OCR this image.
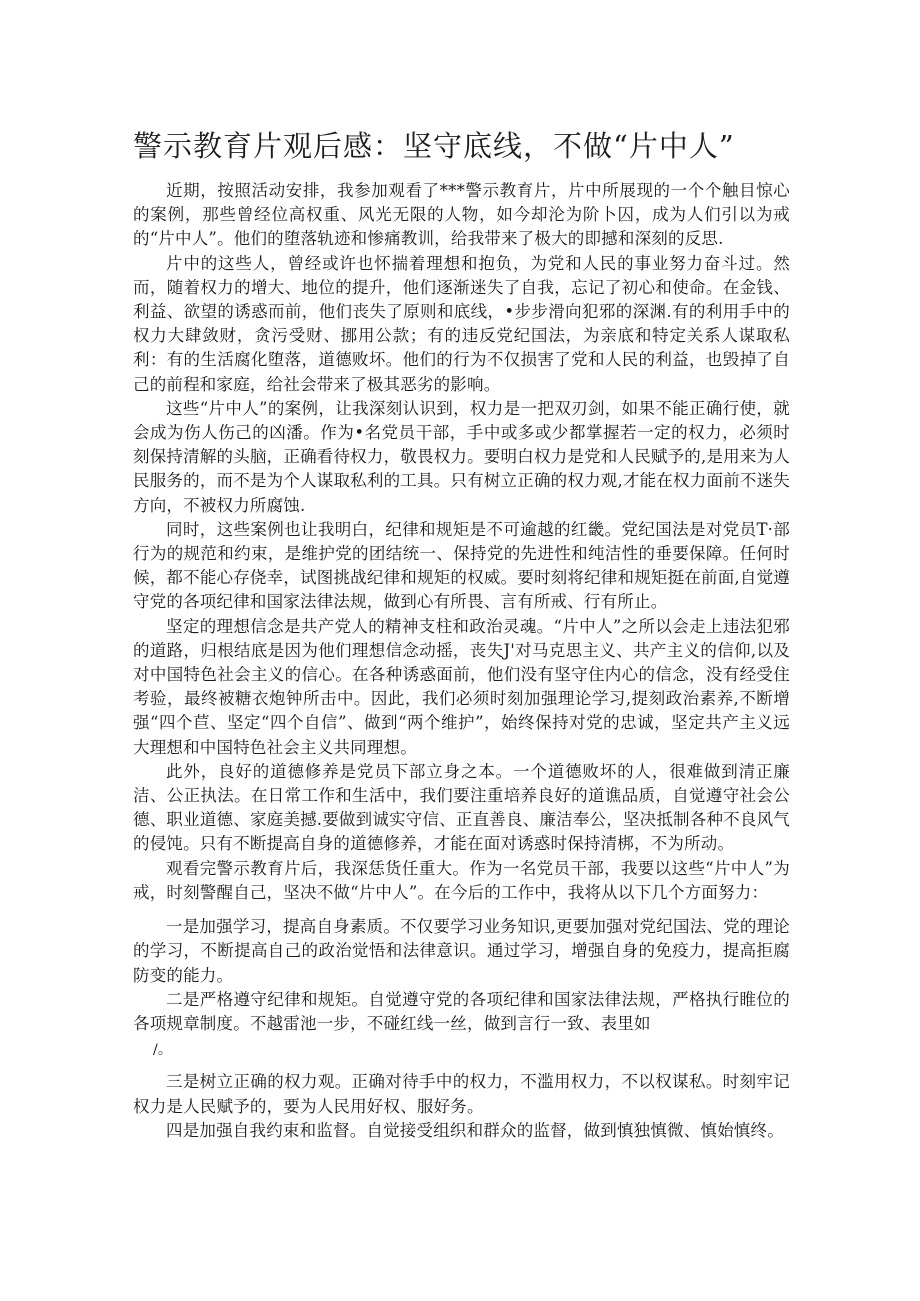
警示教育片观后感：坚守底线，不做“片中人”

近期，按照活动安排，我参加观看了***警示教育片，片中所展现的一个个触目惊心的案例，那些曾经位高权重、风光无限的人物，如今却沦为阶卜囚，成为人们引以为戒的“片中人”。他们的堕落轨迹和惨痛教训，给我带来了极大的即撼和深刻的反思.

片中的这些人，曾经或许也怀揣着理想和抱负，为党和人民的事业努力奋斗过。然而，随着权力的增大、地位的提升，他们逐渐迷失了自我，忘记了初心和使命。在金钱、利益、欲望的诱惑而前，他们丧失了原则和底线，•步步滑向犯邪的深渊.有的利用手中的权力大肆敛财，贪污受财、挪用公款；有的违反党纪国法，为亲底和特定关系人谋取私利：有的生活腐化堕落，道德败坏。他们的行为不仅损害了党和人民的利益，也毁掉了自己的前程和家庭，给社会带来了极其恶劣的影响。

这些“片中人”的案例，让我深刻认识到，权力是一把双刃剑，如果不能正确行使，就会成为伤人伤己的凶潘。作为•名党员干部，手中或多或少都掌握若一定的权力，必须时刻保持清解的头脑，正确看待权力，敬畏权力。要明白权力是党和人民赋予的,是用来为人民服务的，而不是为个人谋取私利的工具。只有树立正确的权力观,才能在权力面前不迷失方向，不被权力所腐蚀.

同时，这些案例也让我明白，纪律和规矩是不可逾越的红畿。党纪国法是对党员T·部行为的规范和约束，是维护党的团结统一、保持党的先进性和纯洁性的垂要保障。任何时候，都不能心存侥幸，试图挑战纪律和规矩的权威。要时刻将纪律和规矩挺在前面,自觉遵守党的各项纪律和国家法律法规，做到心有所畏、言有所戒、行有所止。

坚定的理想信念是共产党人的精神支柱和政治灵魂。“片中人”之所以会走上违法犯邪的道路，归根结底是因为他们理想信念动摇，丧失J'对马克思主义、共产主义的信仰,以及对中国特色社会主义的信心。在各种诱惑面前，他们没有坚守住内心的信念，没有经受住考验，最终被糖衣炮钟所击中。因此，我们必须时刻加强理论学习,提刻政治素养,不断增强“四个苣、坚定“四个自信”、做到“两个维护”，始终保持对党的忠诚，坚定共产主义远大理想和中国特色社会主义共同理想。

此外，良好的道德修养是党员下部立身之本。一个道德败坏的人，很难做到清正廉洁、公正执法。在日常工作和生活中，我们要注重培养良好的道谯品质，自觉遵守社会公德、职业道德、家庭美撼.要做到诚实守信、正直善良、廉洁奉公，坚决抵制各种不良风气的侵饨。只有不断提高自身的道德修养，才能在面对诱惑时保持清梆，不为所动。

观看完警示教育片后，我深恁货任重大。作为一名党员干部，我要以这些“片中人”为戒，时刻警醒自己，坚决不做“片中人”。在今后的工作中，我将从以下几个方面努力：

一是加强学习，提高自身素质。不仅要学习业务知识,更要加强对党纪国法、党的理论的学习，不断提高自己的政治觉悟和法律意识。通过学习，增强自身的免疫力，提高拒腐防变的能力。

二是严格遵守纪律和规矩。自觉遵守党的各项纪律和国家法律法规，严格执行睢位的各项规章制度。不越雷池一步，不碰红线一丝，做到言行一致、表里如

/。

三是树立正确的权力观。正确对待手中的权力，不滥用权力，不以权谋私。时刻牢记权力是人民赋予的，要为人民用好权、服好务。

四是加强自我约束和监督。自觉接受组织和群众的监督，做到慎独慎微、慎始慎终。
